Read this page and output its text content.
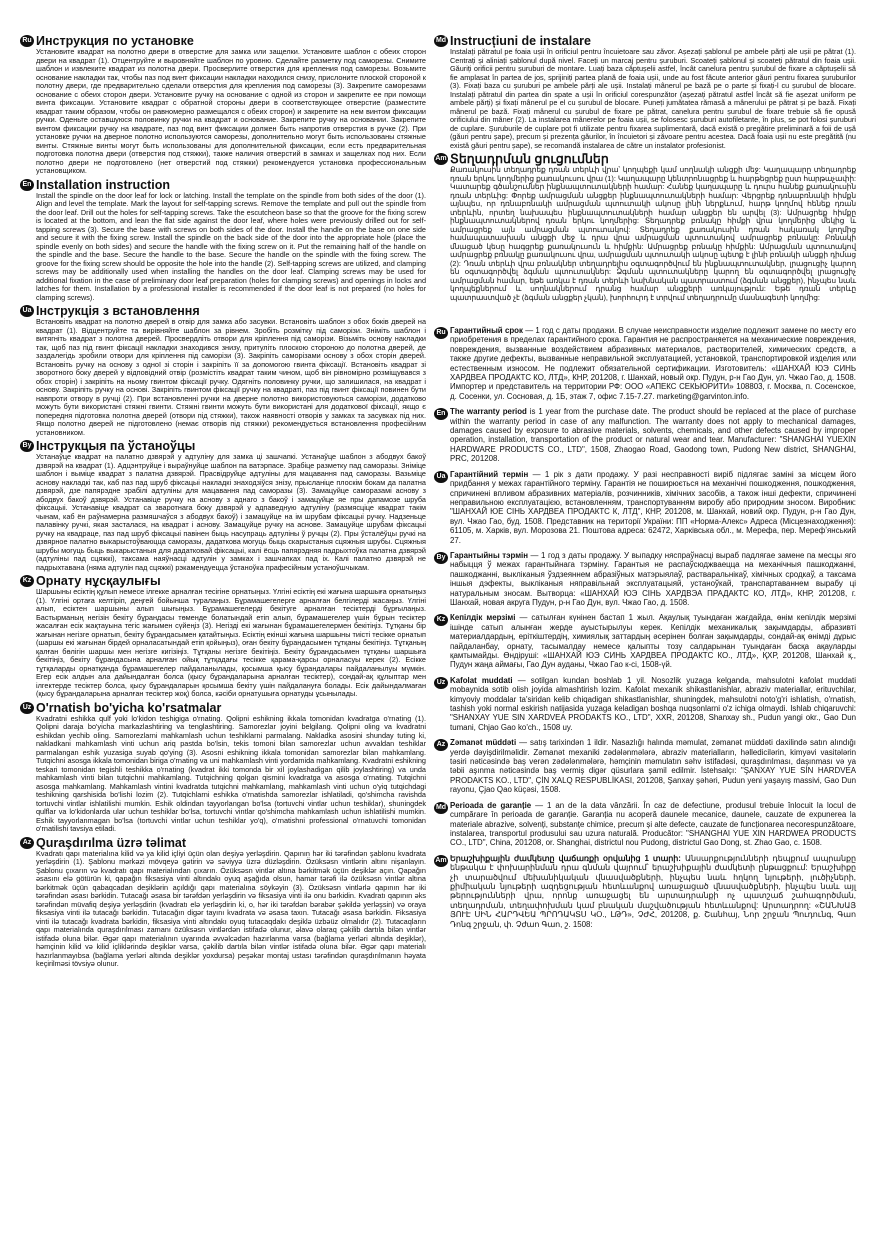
Ru Инструкция по установке

Установите квадрат на полотно двери в отверстие для замка или защелки. Установите шаблон с обеих сторон двери на квадрат (1). Отцентруйте и выровняйте шаблон по уровню. Сделайте разметку под саморезы. Снимите шаблон и извлеките квадрат из полотна двери. Просверлите отверстия для крепления под саморезы. Возьмите основание накладки так, чтобы паз под винт фиксации накладки находился снизу, прислоните плоской стороной к полотну двери, где предварительно сделали отверстия для крепления под саморезы (3). Закрепите саморезами основание с обеих сторон двери. Установите ручку на основание с одной из сторон и закрепите ее при помощи винта фиксации. Установите квадрат с обратной стороны двери в соответствующее отверстие (разместите квадрат таким образом, чтобы он равномерно размещался с обеих сторон) и закрепите на нем винтом фиксации ручки. Оденьте оставшуюся половинку ручки на квадрат и основание. Закрепите ручку на основании. Закрепите винтом фиксации ручку на квадрате, паз под винт фиксации должен быть напротив отверстия в ручке (2). При установке ручки на дверное полотно используются саморезы, дополнительно могут быть использованы стяжные винты. Стяжные винты могут быть использованы для дополнительной фиксации, если есть предварительная подготовка полотна двери (отверстия под стяжки), также наличия отверстий в замках и защелках под них. Если полотно двери не подготовлено (нет отверстий под стяжки) рекомендуется установка профессиональным установщиком.

En Installation instruction

Install the spindle on the door leaf for lock or latching. Install the template on the spindle from both sides of the door (1). Align and level the template. Mark the layout for self-tapping screws. Remove the template and pull out the spindle from the door leaf. Drill out the holes for self-tapping screws. Take the escutcheon base so that the groove for the fixing screw is located at the bottom, and lean the flat side against the door leaf, where holes were previously drilled out for self-tapping screws (3). Secure the base with screws on both sides of the door. Install the handle on the base on one side and secure it with the fixing screw. Install the spindle on the back side of the door into the appropriate hole (place the spindle evenly on both sides) and secure the handle with the fixing screw on it. Put the remaining half of the handle on the spindle and the base. Secure the handle to the base. Secure the handle on the spindle with the fixing screw. The groove for the fixing screw should be opposite the hole into the handle (2). Self-tapping screws are utilized, and clamping screws may be additionally used when installing the handles on the door leaf. Clamping screws may be used for additional fixation in the case of preliminary door leaf preparation (holes for clamping screws) and openings in locks and latches for them. Installation by a professional installer is recommended if the door leaf is not prepared (no holes for clamping screws).

Ua Інструкція з встановлення

Встановіть квадрат на полотно дверей в отвір для замка або засувки. Встановіть шаблон з обох боків дверей на квадрат (1). Відцентруйте та вирівняйте шаблон за рівнем. Зробіть розмітку під саморізи. Зніміть шаблон і витягніть квадрат з полотна дверей. Просвердліть отвори для кріплення під саморізи. Візьміть основу накладки так, щоб паз під гвинт фіксації накладки знаходився знизу, притуліть плоскою стороною до полотна дверей, де заздалегідь зробили отвори для кріплення під саморізи (3). Закріпіть саморізами основу з обох сторін дверей. Встановіть ручку на основу з одної зі сторін і закріпіть її за допомогою гвинта фіксації. Встановіть квадрат зі зворотного боку дверей у відповідний отвір (розмістіть квадрат таким чином, щоб він рівномірно розміщувався з обох сторін) і закріпіть на ньому гвинтом фіксації ручку. Одягніть половинку ручки, що залишилася, на квадрат і основу. Закріпіть ручку на основі. Закріпіть гвинтом фіксації ручку на квадраті, паз під гвинт фіксації повинен бути навпроти отвору в ручці (2). При встановленні ручки на дверне полотно використовуються саморізи, додатково можуть бути використані стяжні гвинти. Стяжні гвинти можуть бути використані для додаткової фіксації, якщо є попередня підготовка полотна дверей (отвори під стяжки), також наявності отворів у замках та засувках під них. Якщо полотно дверей не підготовлено (немає отворів під стяжки) рекомендується встановлення професійним установником.

By Інструкцыя па ўстаноўцы

Устанаўце квадрат на палатно дзвярэй у адтуліну для замка ці зашчапкі. Устанаўце шаблон з абодвух бакоў дзвярэй на квадрат (1). Адцэнтруйце і выраўнуйце шаблон па ватэрпасе. Зрабіце разметку пад саморазы. Зніміце шаблон і выміце квадрат з палатна дзвярэй. Прасвідруйце адтуліны для мацавання пад саморазы. Вазьміце аснову накладкі так, каб паз пад шруб фіксацыі накладкі знаходзіўся знізу, прысланіце плоскім бокам да палатна дзвярэй, дзе папярэдне зрабілі адтуліны для мацавання пад саморазы (3). Замацуйце саморазамі аснову з абодвух бакоў дзвярэй. Устанавіце ручку на аснову з аднаго з бакоў і замацуйце яе пры дапамозе шруба фіксацыі. Устанавіце квадрат са зваротнага боку дзвярэй у адпаведную адтуліну (размясціце квадрат такім чынам, каб ён раўнамерна размяшчаўся з абодвух бакоў) і замацуйце на ім шрубам фіксацыі ручку. Надзеньце палавінку ручкі, якая засталася, на квадрат і аснову. Замацуйце ручку на аснове. Замацуйце шрубам фіксацыі ручку на квадраце, паз пад шруб фіксацыі павінен быць насупраць адтуліны ў ручцы (2). Пры ўсталёўцы ручкі на дзвярное палатно выкарыстоўваюцца саморазы, дадаткова могуць быць скарыстаныя сцяжныя шрубы. Сцяжныя шрубы могуць быць выкарыстаныя для дадатковай фіксацыі, калі ёсць папярэдняя падрыхтоўка палатна дзвярэй (адтуліны пад сцяжкі), таксама наяўнасці адтулін у замках і зашчапках пад іх. Калі палатно дзвярэй не падрыхтавана (няма адтулін пад сцяжкі) рэкамендуецца ўстаноўка прафесійным устаноўшчыкам.

Kz Орнату нұсқаулығы

Шаршыны есіктің құлып немесе ілгекке арналған тесігіне орнатыңыз. Үлгіні есіктің екі жағына шаршыға орнатыңыз (1). Үлгіні ортаға келтіріп, деңгей бойынша туралаңыз. Бұрамашегелерге арналған белгілерді жасаңыз. Үлгіні алып, есіктен шаршыны алып шығыңыз. Бұрамашегелерді бекітуге арналған тесіктерді бұрғылаңыз. Бастырманың негізін бекіту бұрандасы төменде болатындай етіп алып, бұрамашегелер үшін бұрын тесіктер жасалған есік жақтауына тегіс жағымен сүйеңіз (3). Негізді екі жағынан бұрамашегелермен бекітіңіз. Тұтқаны бір жағынан негізге орнатып, бекіту бұрандасымен қатайтыңыз. Есіктің екінші жағына шаршыны тиісті тесікке орнатып (шаршы екі жағынан бірдей орналасатындай етіп қойыңыз), оған бекіту бұрандасымен тұтқаны бекітіңіз. Тұтқаның қалған бөлігін шаршы мен негізге кигізіңіз. Тұтқаны негізге бекітіңіз. Бекіту бұрандасымен тұтқаны шаршыға бекітіңіз, бекіту бұрандасына арналған ойық тұтқадағы тесікке қарама-қарсы орналасуы керек (2). Есікке тұтқаларды орнатқанда бұрамашегелер пайдаланылады, қосымша қысу бұрандалары пайдаланылуы мүмкін. Егер есік алдын ала дайындалған болса (қысу бұрандаларына арналған тесіктер), сондай-ақ құлыптар мен ілгектерде тесіктер болса, қысу бұрандаларын қосымша бекіту үшін пайдалануға болады. Есік дайындалмаған (қысу бұрандаларына арналған тесіктер жоқ) болса, кәсіби орнатушыға орнатуды ұсынылады.

Uz O'rnatish bo'yicha ko'rsatmalar

Kvadratni eshikka qulf yoki lo'kidon teshigiga o'rnating. Qolipni eshikning ikkala tomonidan kvadratga o'rnating (1). Qolipni daraja bo'yicha markazlashtiring va tenglashtiring. Samorezlar joyini belgilang. Qolipni oling va kvadratni eshikdan yechib oling. Samorezlarni mahkamlash uchun teshiklarni parmalang. Nakladka asosini shunday tuting ki, nakladkani mahkamlash vinti uchun ariq pastda bo'lsin, tekis tomoni bilan samorezlar uchun avvaldan teshiklar parmalangan eshik yuzasiga suyab qo'ying (3). Asosni eshikning ikkala tomonidan samorezlar bilan mahkamlang. Tutqichni asosga ikkala tomonidan biriga o'rnating va uni mahkamlash vinti yordamida mahkamlang. Kvadratni eshikning teskari tomonidan tegishli teshikka o'rnating (kvadrat ikki tomonda bir xil joylashadigan qilib joylashtiring) va unda mahkamlash vinti bilan tutqichni mahkamlang. Tutqichning qolgan qismini kvadratga va asosga o'rnating. Tutqichni asosga mahkamlang. Mahkamlash vintini kvadratda tutqichni mahkamlang, mahkamlash vinti uchun o'yiq tutqichdagi teshikning qarshisida bo'lishi lozim (2). Tutqichlarni eshikka o'rnatishda samorezlar ishlatiladi, qo'shimcha ravishda tortuvchi vintlar ishlatilishi mumkin. Eshik oldindan tayyorlangan bo'lsa (tortuvchi vintlar uchun teshiklar), shuningdek qulflar va lo'kidonlarda ular uchun teshiklar bo'lsa, tortuvchi vintlar qo'shimcha mahkamlash uchun ishlatilishi mumkin. Eshik tayyorlanmagan bo'lsa (tortuvchi vintlar uchun teshiklar yo'q), o'rnatishni professional o'rnatuvchi tomonidan o'rnatilishi tavsiya etiladi.

Az Quraşdırılma üzrə təlimat

Kvadratı qapı materialına kilid və ya kilid içliyi üçün olan deşiyə yerləşdirin. Qapının hər iki tərəfindən şablonu kvadrata yerləşdirin (1). Şablonu mərkəzi mövqeyə gətirin və səviyyə üzrə düzləşdirin. Özüksəsn vintlərin altını nişanlayın. Şablonu çıxarın və kvadratı qapı materialından çıxarın. Özüksəsn vintlər altına bərkitmək üçün deşiklər açın. Qapağın əsasını elə götürün ki, qapağın fiksasiya vinti altındakı oyuq aşağıda olsun, hamar tərəfi ilə özüksəsn vintlər altına bərkitmək üçün qabaqcadan deşiklərin açıldığı qapı materialına söykəyin (3). Özüksəsn vintlərlə qapının hər iki tərəfindən əsası bərkidin. Tutacağı əsasa bir tərəfdən yerləşdirin və fiksasiya vinti ilə onu bərkidin. Kvadratı qapının əks tərəfindən müvafiq deşiyə yerləşdirin (kvadratı elə yerləşdirin ki, o, hər iki tərəfdən bərabər şəkildə yerləşsin) və oraya fiksasiya vinti ilə tutacağı bərkidin. Tutacağın digər tayını kvadrata və əsasa taxın. Tutacağı əsasa bərkidin. Fiksasiya vinti ilə tutacağı kvadrata bərkidin, fiksasiya vinti altındakı oyuq tutacaqdakı deşiklə üzbəüz olmalıdır (2). Tutacaqların qapı materialında quraşdırılması zamanı özüksəsn vintlərdən istifadə olunur, əlavə olaraq çəkilib dartıla bilən vintlər istifadə oluna bilər. Əgər qapı materialının uyarında əvvəlcədən hazırlanma varsa (bağlama yerləri altında deşiklər), həmçinin kilid və kilid içliklərində deşiklər varsa, çəkilib dartıla bilən vintlər istifadə oluna bilər. Əgər qapı materialı hazırlanmayıbsa (bağlama yerləri altında deşiklər yoxdursa) peşəkar montaj ustası tərəfindən quraşdırılmanın həyata keçirilməsi tövsiyə olunur.

Md Instrucțiuni de instalare

Instalați pătratul pe foaia ușii în orificiul pentru încuietoare sau zăvor. Așezați șablonul pe ambele părți ale ușii pe pătrat (1). Centrați și aliniați șablonul după nivel. Faceți un marcaj pentru șuruburi. Scoateți șablonul și scoateți pătratul din foaia ușii. Găuriți orificii pentru șuruburi de montare. Luați baza căptușelii astfel, încât canelura pentru șurubul de fixare a căptușelii să fie amplasat în partea de jos, sprijiniți partea plană de foaia ușii, unde au fost făcute anterior găuri pentru fixarea șuruburilor (3). Fixați baza cu șuruburi pe ambele părți ale ușii. Instalați mânerul pe bază pe o parte și fixați-l cu șurubul de blocare. Instalați pătratul din partea din spate a ușii în orificiul corespunzător (așezați pătratul astfel încât să fie așezat uniform pe ambele părți) și fixați mânerul pe el cu șurubul de blocare. Puneți jumătatea rămasă a mânerului pe pătrat și pe bază. Fixați mânerul pe bază. Fixați mânerul cu șurubul de fixare pe pătrat, canelura pentru șurubul de fixare trebuie să fie opusă orificiului din mâner (2). La instalarea mânerelor pe foaia ușii, se folosesc șuruburi autofiletante, în plus, se pot folosi șuruburi de cuplare. Șuruburile de cuplare pot fi utilizate pentru fixarea suplimentară, dacă există o pregătire preliminară a foii de ușă (găuri pentru șape), precum și prezența găurilor, în încuietori și zăvoare pentru acestea. Dacă foaia ușii nu este pregătită (nu există găuri pentru șape), se recomandă instalarea de către un instalator profesionist.

Am Տեղադրման ցուցումներ

Քառակուսին տեղադրեք դռան տերևի վրա՝ կողպեքի կամ սողնակի անցքի մեջ: Կաղապարը տեղադրեք դռան երկու կողմերից քառակուսու վրա (1): Կաղապարը կենտրոնացրեք և հարթեցրեք ըստ հարթաչափի: Կատարեք գծանշումներ ինքնապտուտակների համար: Հանեք կաղապարը և դուրս հանեք քառակուսին դռան տերևից: Փորեք ամրացման անցքեր ինքնապտուտակների համար: Վերցրեք դռնաբռնակի հիմքն այնպես, որ դռնաբռնակի ամրացման պտուտակի ակոսը լինի ներքևում, հարթ կողմով հենեք դռան տերևին, որտեղ նախապես ինքնապտուտակների համար անցքեր են արվել (3): Ամրացրեք հիմքը ինքնապտուտակներով դռան երկու կողմերից: Տեղադրեք բռնակը հիմքի վրա կողմերից մեկից և ամրացրեք այն ամրացման պտուտակով: Տեղադրեք քառակուսին դռան հակառակ կողմից համապատասխան անցքի մեջ և դրա վրա ամրացման պտուտակով ամրացրեք բռնակը: Բռնակի մնացած կեսը հագցրեք քառակուսուն և հիմքին: Ամրացրեք բռնակը հիմքին: Ամրացման պտուտակով ամրացրեք բռնակը քառակուսու վրա, ամրացման պտուտակի ակոսը պետք է լինի բռնակի անցքի դիմաց (2): Դռան տերևի վրա բռնակներ տեղադրելիս օգտագործվում են ինքնապտուտակներ, լրացուցիչ կարող են օգտագործվել ձգման պտուտակներ: Ձգման պտուտակները կարող են օգտագործվել լրացուցիչ ամրացման համար, եթե առկա է դռան տերևի նախնական պատրաստում (ձգման անցքեր), ինչպես նաև կողպեքներում և սողնակներում դրանց համար անցքերի առկայություն: Եթե դռան տերևը պատրաստված չէ (ձգման անցքեր չկան), խորհուրդ է տրվում տեղադրումը մասնագետի կողմից:

Ru Гарантийный срок — 1 год с даты продажи. В случае неисправности изделие подлежит замене по месту его приобретения в пределах гарантийного срока. Гарантия не распространяется на механические повреждения, повреждения, вызванные воздействием абразивных материалов, растворителей, химических средств, а также другие дефекты, вызванные неправильной эксплуатацией, установкой, транспортировкой изделия или естественным износом. Не подлежит обязательной сертификации. Изготовитель: «ШАНХАЙ ЮЭ СИНЬ ХАРДВЕА ПРОДАКТС КО, ЛТД», КНР, 201208, г. Шанхай, новый окр. Пудун, р-н Гао Дун, ул. Чжао Гао, д. 1508. Импортер и представитель на территории РФ: ООО «АПЕКС СЕКЬЮРИТИ» 108803, г. Москва, п. Сосенское, д. Сосенки, ул. Сосновая, д. 1Б, этаж 7, офис 7.15-7.27. marketing@garvinton.info.

En The warranty period is 1 year from the purchase date. The product should be replaced at the place of purchase within the warranty period in case of any malfunction. The warranty does not apply to mechanical damages, damages caused by exposure to abrasive materials, solvents, chemicals, and other defects caused by improper operation, installation, transportation of the product or natural wear and tear. Manufacturer: "SHANGHAI YUEXIN HARDWARE PRODUCTS CO., LTD", 1508, Zhaogao Road, Gaodong town, Pudong New district, SHANGHAI, PRC, 201208.

Ua Гарантійний термін — 1 рік з дати продажу. У разі несправності виріб підлягає заміні за місцем його придбання у межах гарантійного терміну. Гарантія не поширюється на механічні пошкодження, пошкодження, спричинені впливом абразивних матеріалів, розчинників, хімічних засобів, а також інші дефекти, спричинені неправильною експлуатацією, встановленням, транспортуванням виробу або природним зносом. Виробник: "ШАНХАЙ ЮЕ СІНЬ ХАРДВЕА ПРОДАКТС К, ЛТД", КНР, 201208, м. Шанхай, новий окр. Пудун, р-н Гао Дун, вул. Чжао Гао, буд. 1508. Представник на території України: ПП «Норма-Алекс» Адреса (Місцезнаходження): 61105, м. Харків, вул. Морозова 21. Поштова адреса: 62472, Харківська обл., м. Мерефа, пер. Мерефʼянський 27.

By Гарантыйны тэрмін — 1 год з даты продажу. У выпадку няспраўнасці выраб падлягае замене па месцы яго набыцця ў межах гарантыйнага тэрміну. Гарантыя не распаўсюджваецца на механічныя пашкоджанні, пашкоджанні, выкліканыя ўздзеяннем абразіўных матэрыялаў, растваральнікаў, хімічных сродкаў, а таксама іншыя дэфекты, выкліканыя няправільнай эксплуатацыяй, устаноўкай, транспартаваннем вырабу ці натуральным зносам. Вытворца: «ШАНХАЙ ЮЭ СІНЬ ХАРДВЭА ПРАДАКТС КО, ЛТД», КНР, 201208, г. Шанхай, новая акруга Пудун, р-н Гао Дун, вул. Чжао Гао, д. 1508.

Kz Кепілдік мерзімі — сатылған күнінен бастап 1 жыл. Ақаулық туындаған жағдайда, өнім кепілдік мерзімі ішінде сатып алынған жерде ауыстырылуы керек. Кепілдік механикалық зақымдарды, абразивті материалдардың, еріткіштердің, химиялық заттардың әсерінен болған зақымдарды, сондай-ақ өнімді дұрыс пайдаланбау, орнату, тасымалдау немесе қалыпты тозу салдарынан туындаған басқа ақауларды қамтымайды. Өндіруші: «ШАНХАЙ ЮЭ СИНЬ ХАРДВЕА ПРОДАКТС КО., ЛТД», ҚХР, 201208, Шанхай қ., Пудун жаңа аймағы, Гао Дун ауданы, Чжао Гао к-сі, 1508-үй.

Uz Kafolat muddati — sotilgan kundan boshlab 1 yil. Nosozlik yuzaga kelganda, mahsulotni kafolat muddati mobaynida sotib olish joyida almashtirish lozim. Kafolat mexanik shikastlanishlar, abraziv materiallar, erituvchilar, kimyoviy moddalar ta'siridan kelib chiqadigan shikastlanishlar, shuningdek, mahsulotni noto'g'ri ishlatish, o'rnatish, tashish yoki normal eskirish natijasida yuzaga keladigan boshqa nuqsonlarni o'z ichiga olmaydi. Ishlab chiqaruvchi: "SHANXAY YUE SIN XARDVEA PRODAKTS KO., LTD", XXR, 201208, Shanxay sh., Pudun yangi okr., Gao Dun tumani, Chjao Gao ko'ch., 1508 uy.

Az Zəmanət müddəti — satış tarixindən 1 ildir. Nasazlığı halında məmulat, zəmanət müddəti daxilində satın alındığı yerdə dəyişdirilməlidir. Zəmanət mexaniki zədələnmələrə, abraziv materialların, həlledicilərin, kimyəvi vasitələrin təsiri nəticəsində baş verən zədələnmələrə, həmçinin məmulatın səhv istifadəsi, quraşdırılması, daşınması və ya təbii aşınma nəticəsində baş vermiş digər qüsurlara şamil edilmir. İstehsalçı: "ŞANXAY YUE SİN HARDVEA PRODAKTS KO., LTD", ÇİN XALQ RESPUBLİKASI, 201208, Şanxay şəhəri, Pudun yeni yaşayış massivi, Gao Dun rayonu, Çjao Qao küçəsi, 1508.

Md Perioada de garanție — 1 an de la data vânzării. În caz de defectiune, produsul trebuie înlocuit la locul de cumpărare în perioada de garanție. Garanția nu acoperă daunele mecanice, daunele, cauzate de expunerea la materiale abrazive, solvenți, substanțe chimice, precum și alte defecte, cauzate de funcționarea necorespunzătoare, instalarea, transportul produsului sau uzura naturală. Producător: "SHANGHAI YUE XIN HARDWEA PRODUCTS CO., LTD", China, 201208, or. Shanghai, districtul nou Pudong, districtul Gao Dong, st. Zhao Gao, c. 1508.

Am Երաշխիքային ժամկետը վաճառքի օրվանից 1 տարի: Անսարքությունների դեպքում ապրանքը ենթակա է փոխարինման դրա գնման վայրում՝ երաշխիքային ժամկետի ընթացքում: Երաշխիքը չի տարածվում մեխանիկական վնասվածքների, ինչպես նաև հղկող նյութերի, լուծիչների, քիմիական նյութերի ազդեցության հետևանքով առաջացած վնասվածքների, ինչպես նաև այլ թերությունների վրա, որոնք առաջացել են արտադրանքի ոչ պատշաճ շահագործման, տեղադրման, տեղափոխման կամ բնական մաշվածության հետևանքով: Արտադրող: «ՇԱՆԽԱՅ ՅՈՒԷ ՍԻՆ ՀԱՐԴՎԵԱ ՊՐՈԴԱԿՏՍ ԿՕ., ԼԹԴ», ՉԺՀ, 201208, ք. Շանհայ, Նոր շրջան Պուդունգ, Գաո Դոնգ շրջան, փ. Չժաո Գաո, շ. 1508:
